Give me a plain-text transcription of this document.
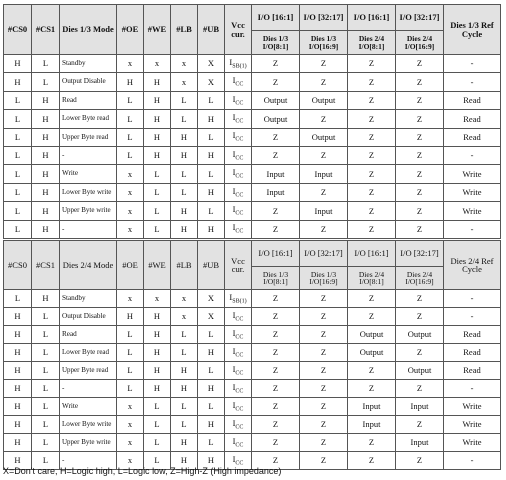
#CS0	#CS1	Dies 1/3 Mode	#OE	#WE	#LB	#UB	Vcc cur.	I/O [16:1]	I/O [32:17]	I/O [16:1]	I/O [32:17]	Dies 1/3 Ref Cycle
								Dies 1/3 I/O[8:1]	Dies 1/3 I/O[16:9]	Dies 2/4 I/O[8:1]	Dies 2/4 I/O[16:9]	
H	L	Standby	x	x	x	X	$I_{SB(1)}$	Z	Z	Z	Z	-
H	L	Output Disable	H	H	x	X	$I_{CC}$	Z	Z	Z	Z	-
L	H	Read	L	H	L	L	$I_{CC}$	Output	Output	Z	Z	Read
L	H	Lower Byte read	L	H	L	H	$I_{CC}$	Output	Z	Z	Z	Read
L	H	Upper Byte read	L	H	H	L	$I_{CC}$	Z	Output	Z	Z	Read
L	H	-	L	H	H	H	$I_{CC}$	Z	Z	Z	Z	-
L	H	Write	x	L	L	L	$I_{CC}$	Input	Input	Z	Z	Write
L	H	Lower Byte write	x	L	L	H	$I_{CC}$	Input	Z	Z	Z	Write
L	H	Upper Byte write	x	L	H	L	$I_{CC}$	Z	Input	Z	Z	Write
L	H	-	x	L	H	H	$I_{CC}$	Z	Z	Z	Z	-
#CS0	#CS1	Dies 2/4 Mode	#OE	#WE	#LB	#UB	Vcc cur.	I/O [16:1]	I/O [32:17]	I/O [16:1]	I/O [32:17]	Dies 2/4 Ref Cycle
								Dies 1/3 I/O[8:1]	Dies 1/3 I/O[16:9]	Dies 2/4 I/O[8:1]	Dies 2/4 I/O[16:9]	
L	H	Standby	x	x	x	X	$I_{SB(1)}$	Z	Z	Z	Z	-
H	L	Output Disable	H	H	x	X	$I_{CC}$	Z	Z	Z	Z	-
H	L	Read	L	H	L	L	$I_{CC}$	Z	Z	Output	Output	Read
H	L	Lower Byte read	L	H	L	H	$I_{CC}$	Z	Z	Output	Z	Read
H	L	Upper Byte read	L	H	H	L	$I_{CC}$	Z	Z	Z	Output	Read
H	L	-	L	H	H	H	$I_{CC}$	Z	Z	Z	Z	-
H	L	Write	x	L	L	L	$I_{CC}$	Z	Z	Input	Input	Write
H	L	Lower Byte write	x	L	L	H	$I_{CC}$	Z	Z	Input	Z	Write
H	L	Upper Byte write	x	L	H	L	$I_{CC}$	Z	Z	Z	Input	Write
H	L	-	x	L	H	H	$I_{CC}$	Z	Z	Z	Z	-
X=Don't care, H=Logic high, L=Logic low, Z=High-Z (High impedance)
